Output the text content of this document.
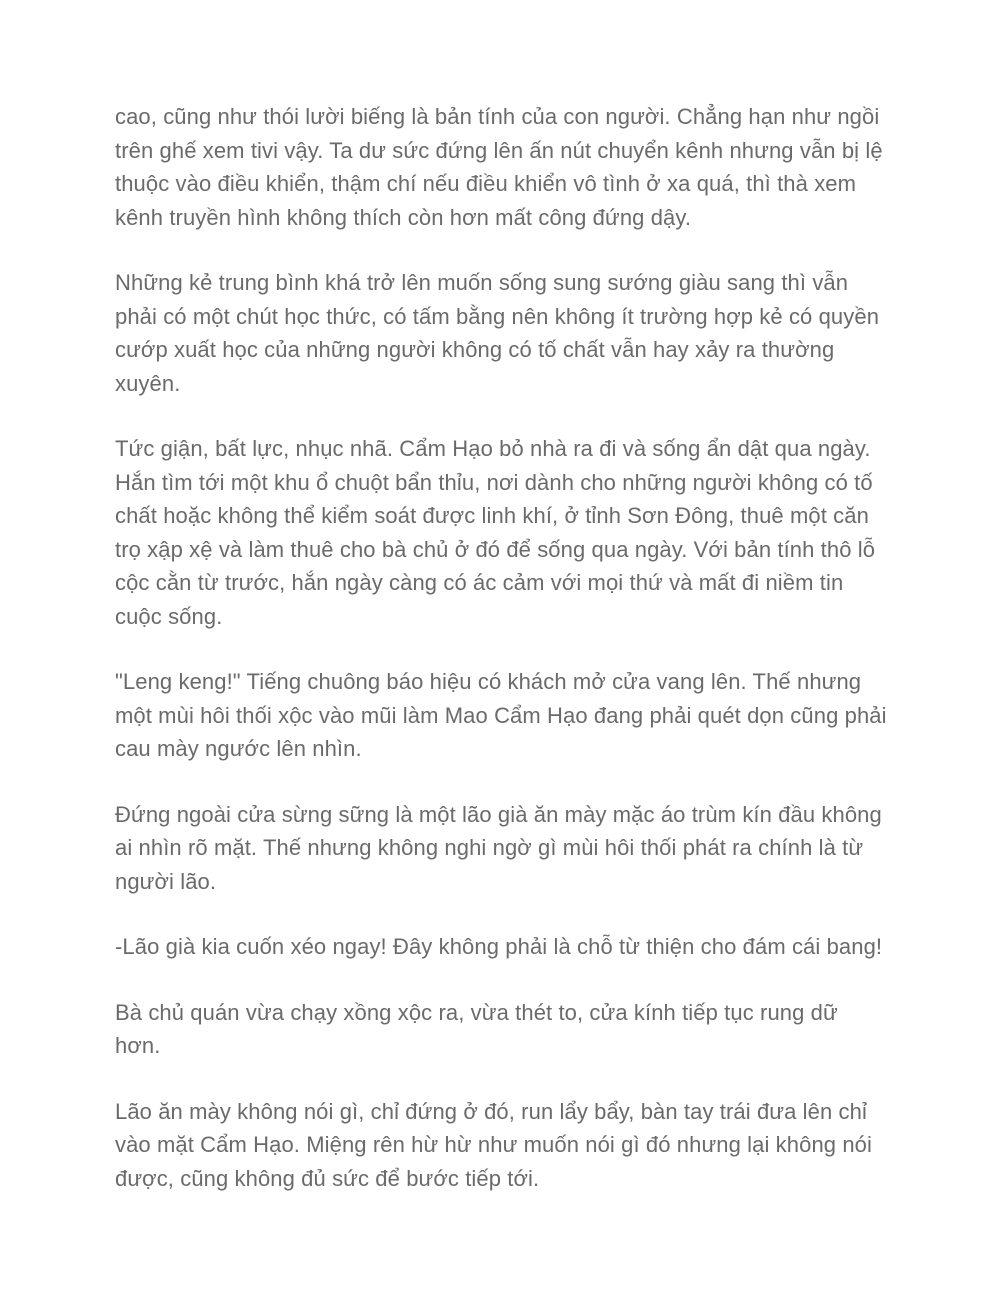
cao, cũng như thói lười biếng là bản tính của con người. Chẳng hạn như ngồi trên ghế xem tivi vậy. Ta dư sức đứng lên ấn nút chuyển kênh nhưng vẫn bị lệ thuộc vào điều khiển, thậm chí nếu điều khiển vô tình ở xa quá, thì thà xem kênh truyền hình không thích còn hơn mất công đứng dậy.

Những kẻ trung bình khá trở lên muốn sống sung sướng giàu sang thì vẫn phải có một chút học thức, có tấm bằng nên không ít trường hợp kẻ có quyền cướp xuất học của những người không có tố chất vẫn hay xảy ra thường xuyên.

Tức giận, bất lực, nhục nhã. Cẩm Hạo bỏ nhà ra đi và sống ẩn dật qua ngày. Hắn tìm tới một khu ổ chuột bẩn thỉu, nơi dành cho những người không có tố chất hoặc không thể kiểm soát được linh khí, ở tỉnh Sơn Đông, thuê một căn trọ xập xệ và làm thuê cho bà chủ ở đó để sống qua ngày. Với bản tính thô lỗ cộc cằn từ trước, hắn ngày càng có ác cảm với mọi thứ và mất đi niềm tin cuộc sống.

"Leng keng!" Tiếng chuông báo hiệu có khách mở cửa vang lên. Thế nhưng một mùi hôi thối xộc vào mũi làm Mao Cẩm Hạo đang phải quét dọn cũng phải cau mày ngước lên nhìn.

Đứng ngoài cửa sừng sững là một lão già ăn mày mặc áo trùm kín đầu không ai nhìn rõ mặt. Thế nhưng không nghi ngờ gì mùi hôi thối phát ra chính là từ người lão.

-Lão già kia cuốn xéo ngay! Đây không phải là chỗ từ thiện cho đám cái bang!

Bà chủ quán vừa chạy xồng xộc ra, vừa thét to, cửa kính tiếp tục rung dữ hơn.

Lão ăn mày không nói gì, chỉ đứng ở đó, run lẩy bẩy, bàn tay trái đưa lên chỉ vào mặt Cẩm Hạo. Miệng rên hừ hừ như muốn nói gì đó nhưng lại không nói được, cũng không đủ sức để bước tiếp tới.
